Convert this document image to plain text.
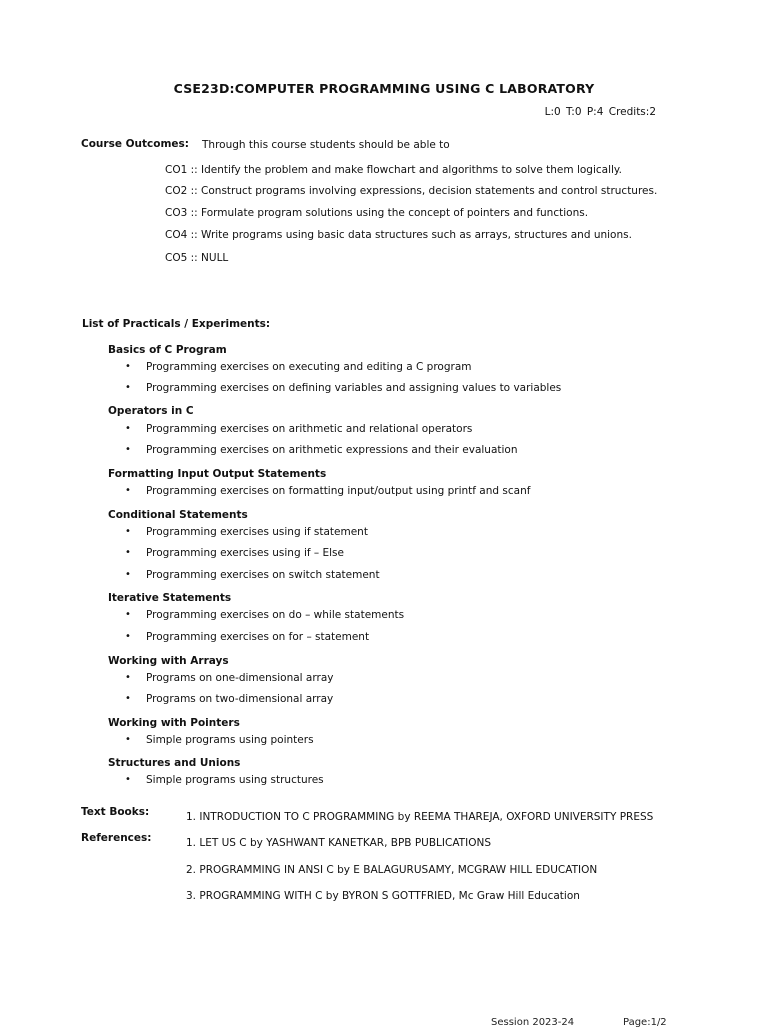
CSE23D:COMPUTER PROGRAMMING USING C LABORATORY
L:0 T:0 P:4 Credits:2
Course Outcomes: Through this course students should be able to
CO1 :: Identify the problem and make flowchart and algorithms to solve them logically.
CO2 :: Construct programs involving expressions, decision statements and control structures.
CO3 :: Formulate program solutions using the concept of pointers and functions.
CO4 :: Write programs using basic data structures such as arrays, structures and unions.
CO5 :: NULL
List of Practicals / Experiments:
Basics of C Program
• Programming exercises on executing and editing a C program
• Programming exercises on defining variables and assigning values to variables
Operators in C
• Programming exercises on arithmetic and relational operators
• Programming exercises on arithmetic expressions and their evaluation
Formatting Input Output Statements
• Programming exercises on formatting input/output using printf and scanf
Conditional Statements
• Programming exercises using if statement
• Programming exercises using if – Else
• Programming exercises on switch statement
Iterative Statements
• Programming exercises on do – while statements
• Programming exercises on for – statement
Working with Arrays
• Programs on one-dimensional array
• Programs on two-dimensional array
Working with Pointers
• Simple programs using pointers
Structures and Unions
• Simple programs using structures
Text Books:	1. INTRODUCTION TO C PROGRAMMING by REEMA THAREJA, OXFORD UNIVERSITY PRESS
References:	1. LET US C by YASHWANT KANETKAR, BPB PUBLICATIONS
2. PROGRAMMING IN ANSI C by E BALAGURUSAMY, MCGRAW HILL EDUCATION
3. PROGRAMMING WITH C by BYRON S GOTTFRIED, Mc Graw Hill Education
Session 2023-24	Page:1/2
